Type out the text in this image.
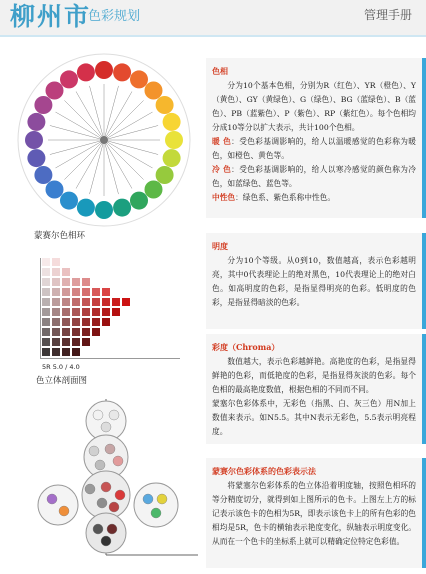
柳州市
色彩规划	管理手册
蒙赛尔色相环
5R 5.0 / 4.0
色立体剖面图

色相

分为10个基本色相，分别为R（红色）、YR（橙色）、Y（黄色）、GY（黄绿色）、G（绿色）、BG（蓝绿色）、B（蓝色）、PB（蓝紫色）、P（紫色）、RP（紫红色）。每个色相均分成10等分以扩大表示，共计100个色相。

暖 色：受色彩基调影响的，给人以温暖感觉的色彩称为暖色，如橙色、黄色等。

冷 色：受色彩基调影响的，给人以寒冷感觉的颜色称为冷色，如蓝绿色、蓝色等。

中性色：绿色系、紫色系称中性色。

明度

分为10个等级。从0到10，数值越高，表示色彩越明亮，其中0代表理论上的绝对黑色，10代表理论上的绝对白色。如高明度的色彩，是指显得明亮的色彩。低明度的色彩，是指显得暗淡的色彩。

彩度（Chroma）

数值越大，表示色彩越鲜艳。高艳度的色彩，是指显得鲜艳的色彩，而低艳度的色彩，是指显得灰淡的色彩。每个色相的最高艳度数值，根据色相的不同而不同。

蒙塞尔色彩体系中，无彩色（指黑、白、灰三色）用N加上数值来表示。如N5.5。其中N表示无彩色，5.5表示明亮程度。

蒙赛尔色彩体系的色彩表示法

将蒙塞尔色彩体系的色立体沿着明度轴，按照色相环的等分精度切分，就得到如上图所示的色卡。上图左上方的标记表示该色卡的色相为5R，即表示该色卡上的所有色彩的色相均是5R，色卡的横轴表示艳度变化，纵轴表示明度变化。从而在一个色卡的坐标系上就可以精确定位特定色彩值。
